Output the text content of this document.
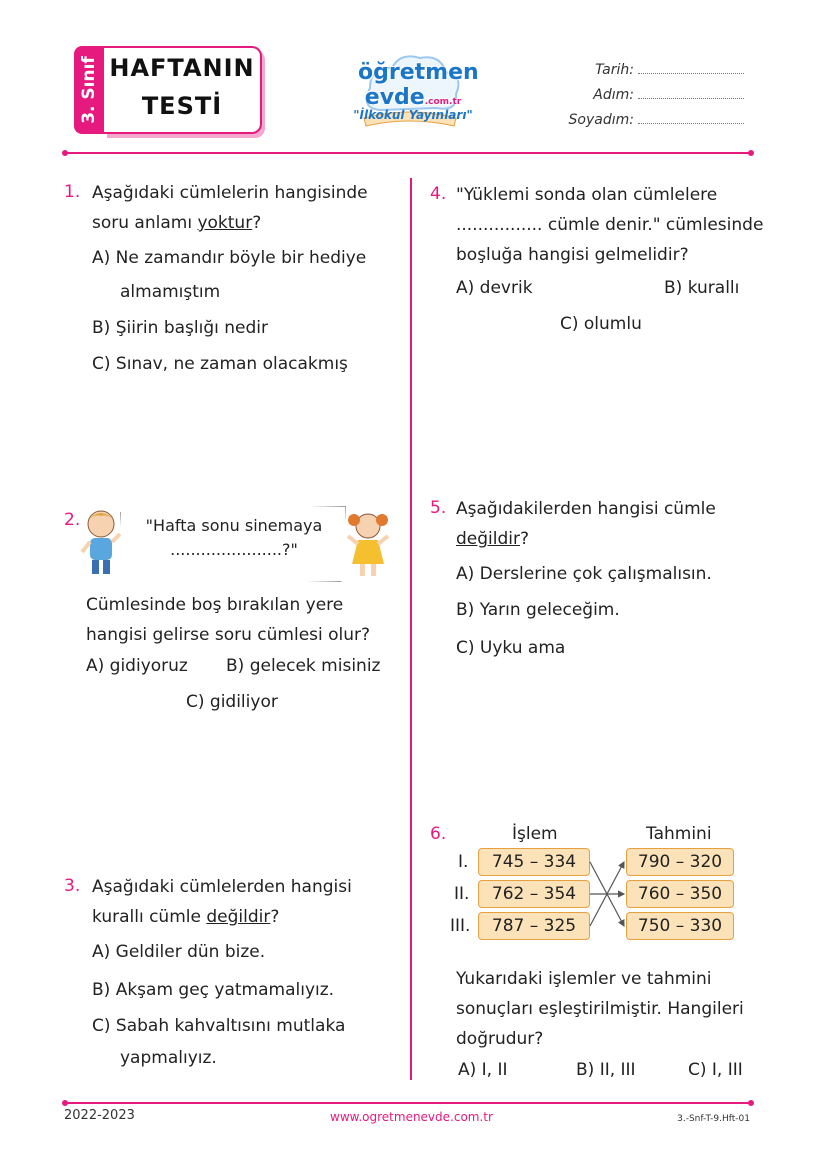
3. Sınıf HAFTANIN
TESTİ
öğretmen evde.com.tr
"İlkokul Yayınları"
Tarih:
Adım:
Soyadım:
1. Aşağıdaki cümlelerin hangisinde
soru anlamı yoktur?
A) Ne zamandır böyle bir hediye
almamıştım
B) Şiirin başlığı nedir
C) Sınav, ne zaman olacakmış
2.	"Hafta sonu sinemaya
......................?"
Cümlesinde boş bırakılan yere
hangisi gelirse soru cümlesi olur?
A) gidiyoruz B) gelecek misiniz
C) gidiliyor
3. Aşağıdaki cümlelerden hangisi
kurallı cümle değildir?
A) Geldiler dün bize.
B) Akşam geç yatmamalıyız.
C) Sabah kahvaltısını mutlaka
yapmalıyız.
4. "Yüklemi sonda olan cümlelere
................ cümle denir." cümlesinde
boşluğa hangisi gelmelidir?
A) devrik	B) kurallı
C) olumlu
5. Aşağıdakilerden hangisi cümle
değildir?
A) Derslerine çok çalışmalısın.
B) Yarın geleceğim.
C) Uyku ama
6.	İşlem	Tahmini
I.	745 – 334	790 – 320
II.	762 – 354	760 – 350
III.	787 – 325	750 – 330
Yukarıdaki işlemler ve tahmini
sonuçları eşleştirilmiştir. Hangileri
doğrudur?
A) I, II	B) II, III	C) I, III
2022-2023	www.ogretmenevde.com.tr	3.-Snf-T-9.Hft-01
